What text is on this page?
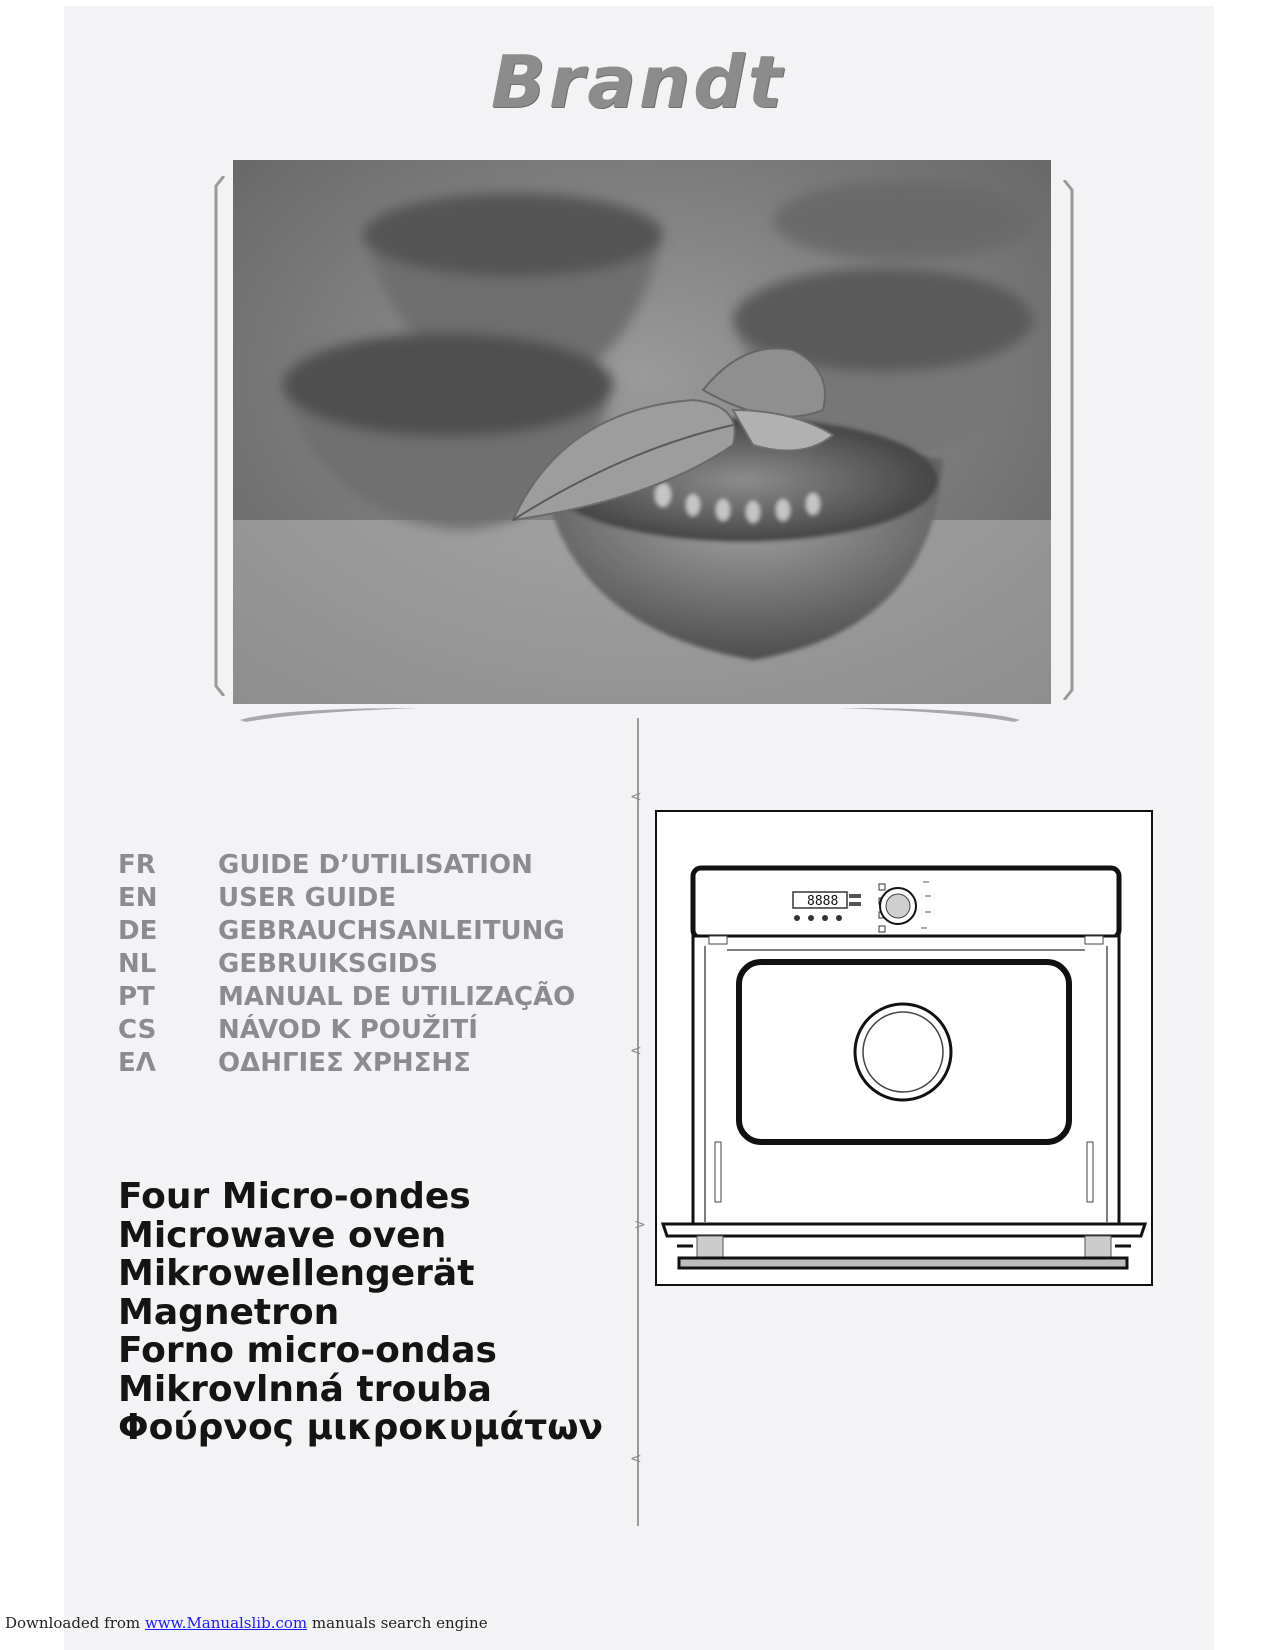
Brandt
<
<
>
<
FR	GUIDE D’UTILISATION
EN	USER GUIDE
DE	GEBRAUCHSANLEITUNG
NL	GEBRUIKSGIDS
PT	MANUAL DE UTILIZAÇÃO
CS	NÁVOD K POUŽITÍ
ΕΛ	ΟΔΗΓΙΕΣ ΧΡΗΣΗΣ
Four Micro-ondes
Microwave oven
Mikrowellengerät
Magnetron
Forno micro-ondas
Mikrovlnná trouba
Φούρνος μικροκυμάτων
8888
Downloaded from www.Manualslib.com manuals search engine
